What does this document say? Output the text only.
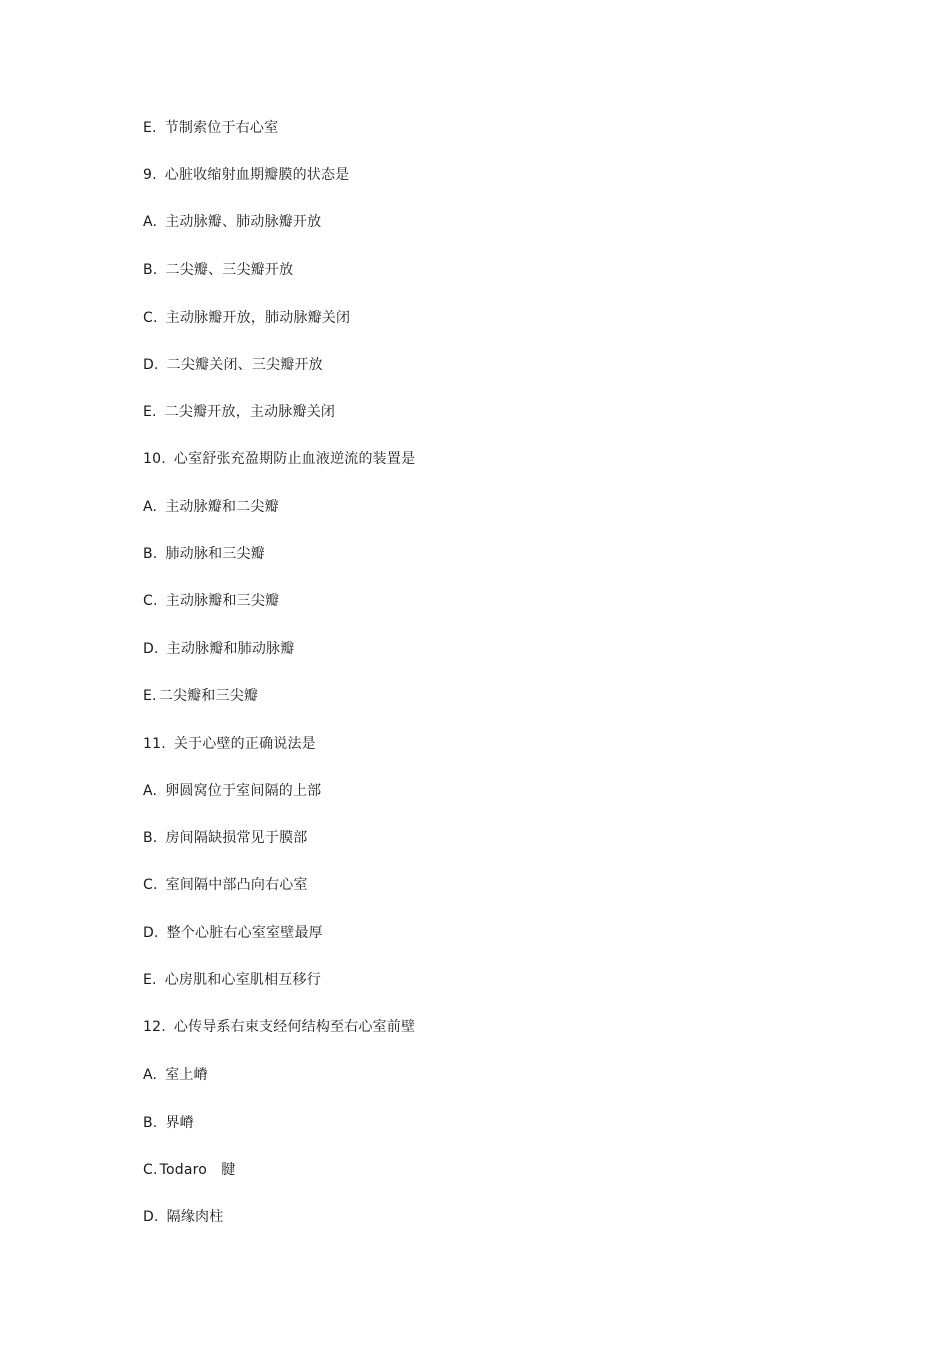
E. 节制索位于右心室
9. 心脏收缩射血期瓣膜的状态是
A. 主动脉瓣、肺动脉瓣开放
B. 二尖瓣、三尖瓣开放
C. 主动脉瓣开放，肺动脉瓣关闭
D. 二尖瓣关闭、三尖瓣开放
E. 二尖瓣开放，主动脉瓣关闭
10. 心室舒张充盈期防止血液逆流的装置是
A. 主动脉瓣和二尖瓣
B. 肺动脉和三尖瓣
C. 主动脉瓣和三尖瓣
D. 主动脉瓣和肺动脉瓣
E. 二尖瓣和三尖瓣
11. 关于心壁的正确说法是
A. 卵圆窝位于室间隔的上部
B. 房间隔缺损常见于膜部
C. 室间隔中部凸向右心室
D. 整个心脏右心室室壁最厚
E. 心房肌和心室肌相互移行
12. 心传导系右束支经何结构至右心室前壁
A. 室上嵴
B. 界嵴
C. Todaro　腱
D. 隔缘肉柱
